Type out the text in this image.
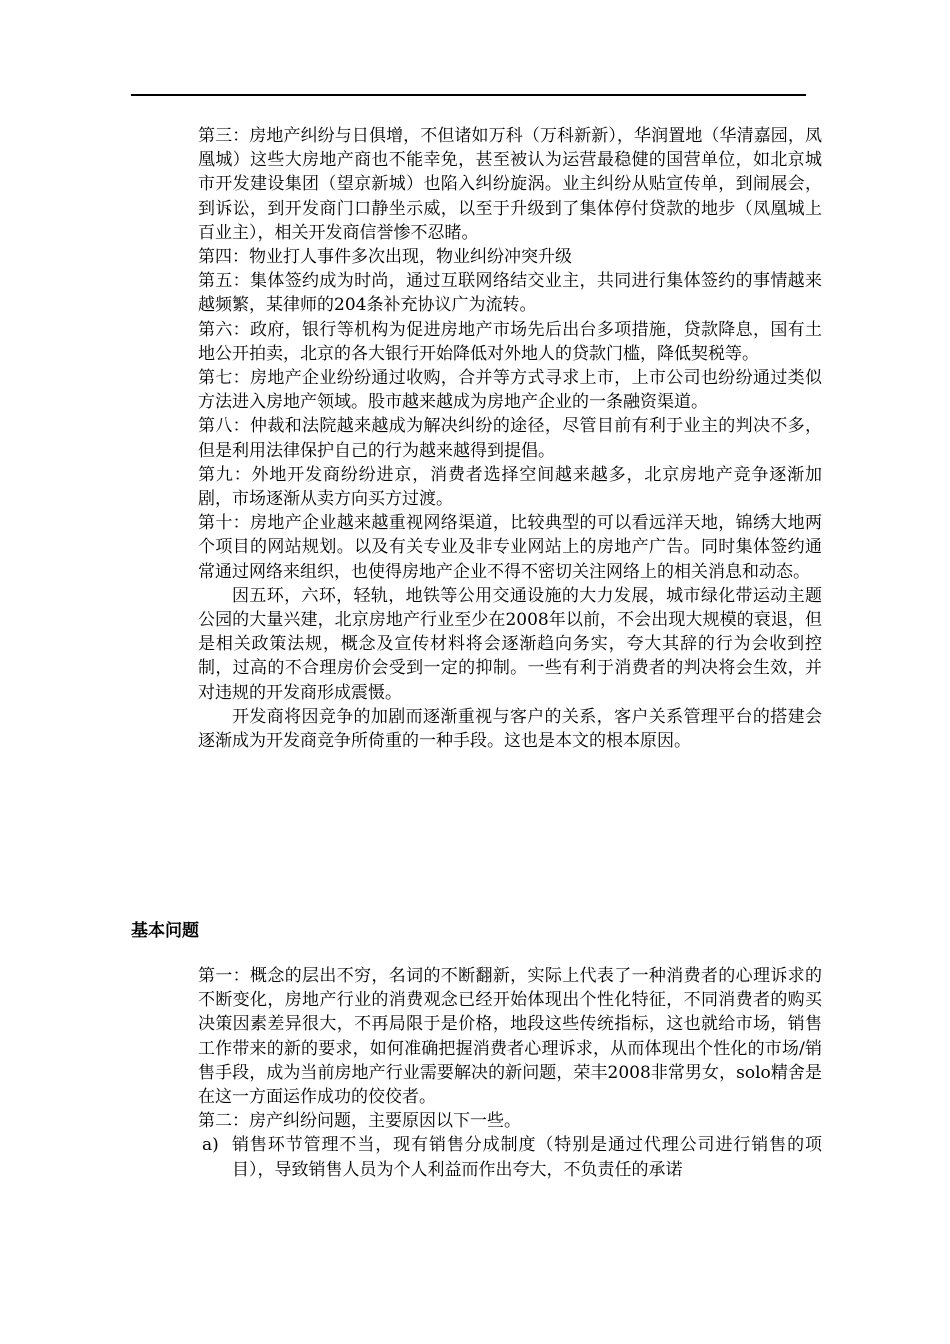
第三：房地产纠纷与日俱增，不但诸如万科（万科新新），华润置地（华清嘉园，凤凰城）这些大房地产商也不能幸免，甚至被认为运营最稳健的国营单位，如北京城市开发建设集团（望京新城）也陷入纠纷旋涡。业主纠纷从贴宣传单，到闹展会，到诉讼，到开发商门口静坐示威，以至于升级到了集体停付贷款的地步（凤凰城上百业主），相关开发商信誉惨不忍睹。

第四：物业打人事件多次出现，物业纠纷冲突升级

第五：集体签约成为时尚，通过互联网络结交业主，共同进行集体签约的事情越来越频繁，某律师的204条补充协议广为流转。

第六：政府，银行等机构为促进房地产市场先后出台多项措施，贷款降息，国有土地公开拍卖，北京的各大银行开始降低对外地人的贷款门槛，降低契税等。

第七：房地产企业纷纷通过收购，合并等方式寻求上市，上市公司也纷纷通过类似方法进入房地产领域。股市越来越成为房地产企业的一条融资渠道。

第八：仲裁和法院越来越成为解决纠纷的途径，尽管目前有利于业主的判决不多，但是利用法律保护自己的行为越来越得到提倡。

第九：外地开发商纷纷进京，消费者选择空间越来越多，北京房地产竞争逐渐加剧，市场逐渐从卖方向买方过渡。

第十：房地产企业越来越重视网络渠道，比较典型的可以看远洋天地，锦绣大地两个项目的网站规划。以及有关专业及非专业网站上的房地产广告。同时集体签约通常通过网络来组织，也使得房地产企业不得不密切关注网络上的相关消息和动态。

因五环，六环，轻轨，地铁等公用交通设施的大力发展，城市绿化带运动主题公园的大量兴建，北京房地产行业至少在2008年以前，不会出现大规模的衰退，但是相关政策法规，概念及宣传材料将会逐渐趋向务实，夸大其辞的行为会收到控制，过高的不合理房价会受到一定的抑制。一些有利于消费者的判决将会生效，并对违规的开发商形成震慑。

开发商将因竞争的加剧而逐渐重视与客户的关系，客户关系管理平台的搭建会逐渐成为开发商竞争所倚重的一种手段。这也是本文的根本原因。

基本问题

第一：概念的层出不穷，名词的不断翻新，实际上代表了一种消费者的心理诉求的不断变化，房地产行业的消费观念已经开始体现出个性化特征，不同消费者的购买决策因素差异很大，不再局限于是价格，地段这些传统指标，这也就给市场，销售工作带来的新的要求，如何准确把握消费者心理诉求，从而体现出个性化的市场/销售手段，成为当前房地产行业需要解决的新问题，荣丰2008非常男女，solo精舍是在这一方面运作成功的佼佼者。

第二：房产纠纷问题，主要原因以下一些。

a) 销售环节管理不当，现有销售分成制度（特别是通过代理公司进行销售的项目），导致销售人员为个人利益而作出夸大，不负责任的承诺
